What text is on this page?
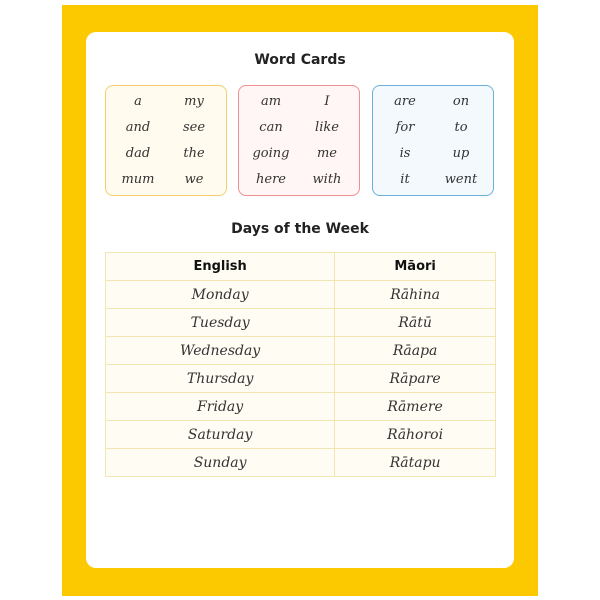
Word Cards
a	my
and	see
dad	the
mum	we
am	I
can	like
going	me
here	with
are	on
for	to
is	up
it	went
Days of the Week
English	Māori
Monday	Rāhina
Tuesday	Rātū
Wednesday	Rāapa
Thursday	Rāpare
Friday	Rāmere
Saturday	Rāhoroi
Sunday	Rātapu
